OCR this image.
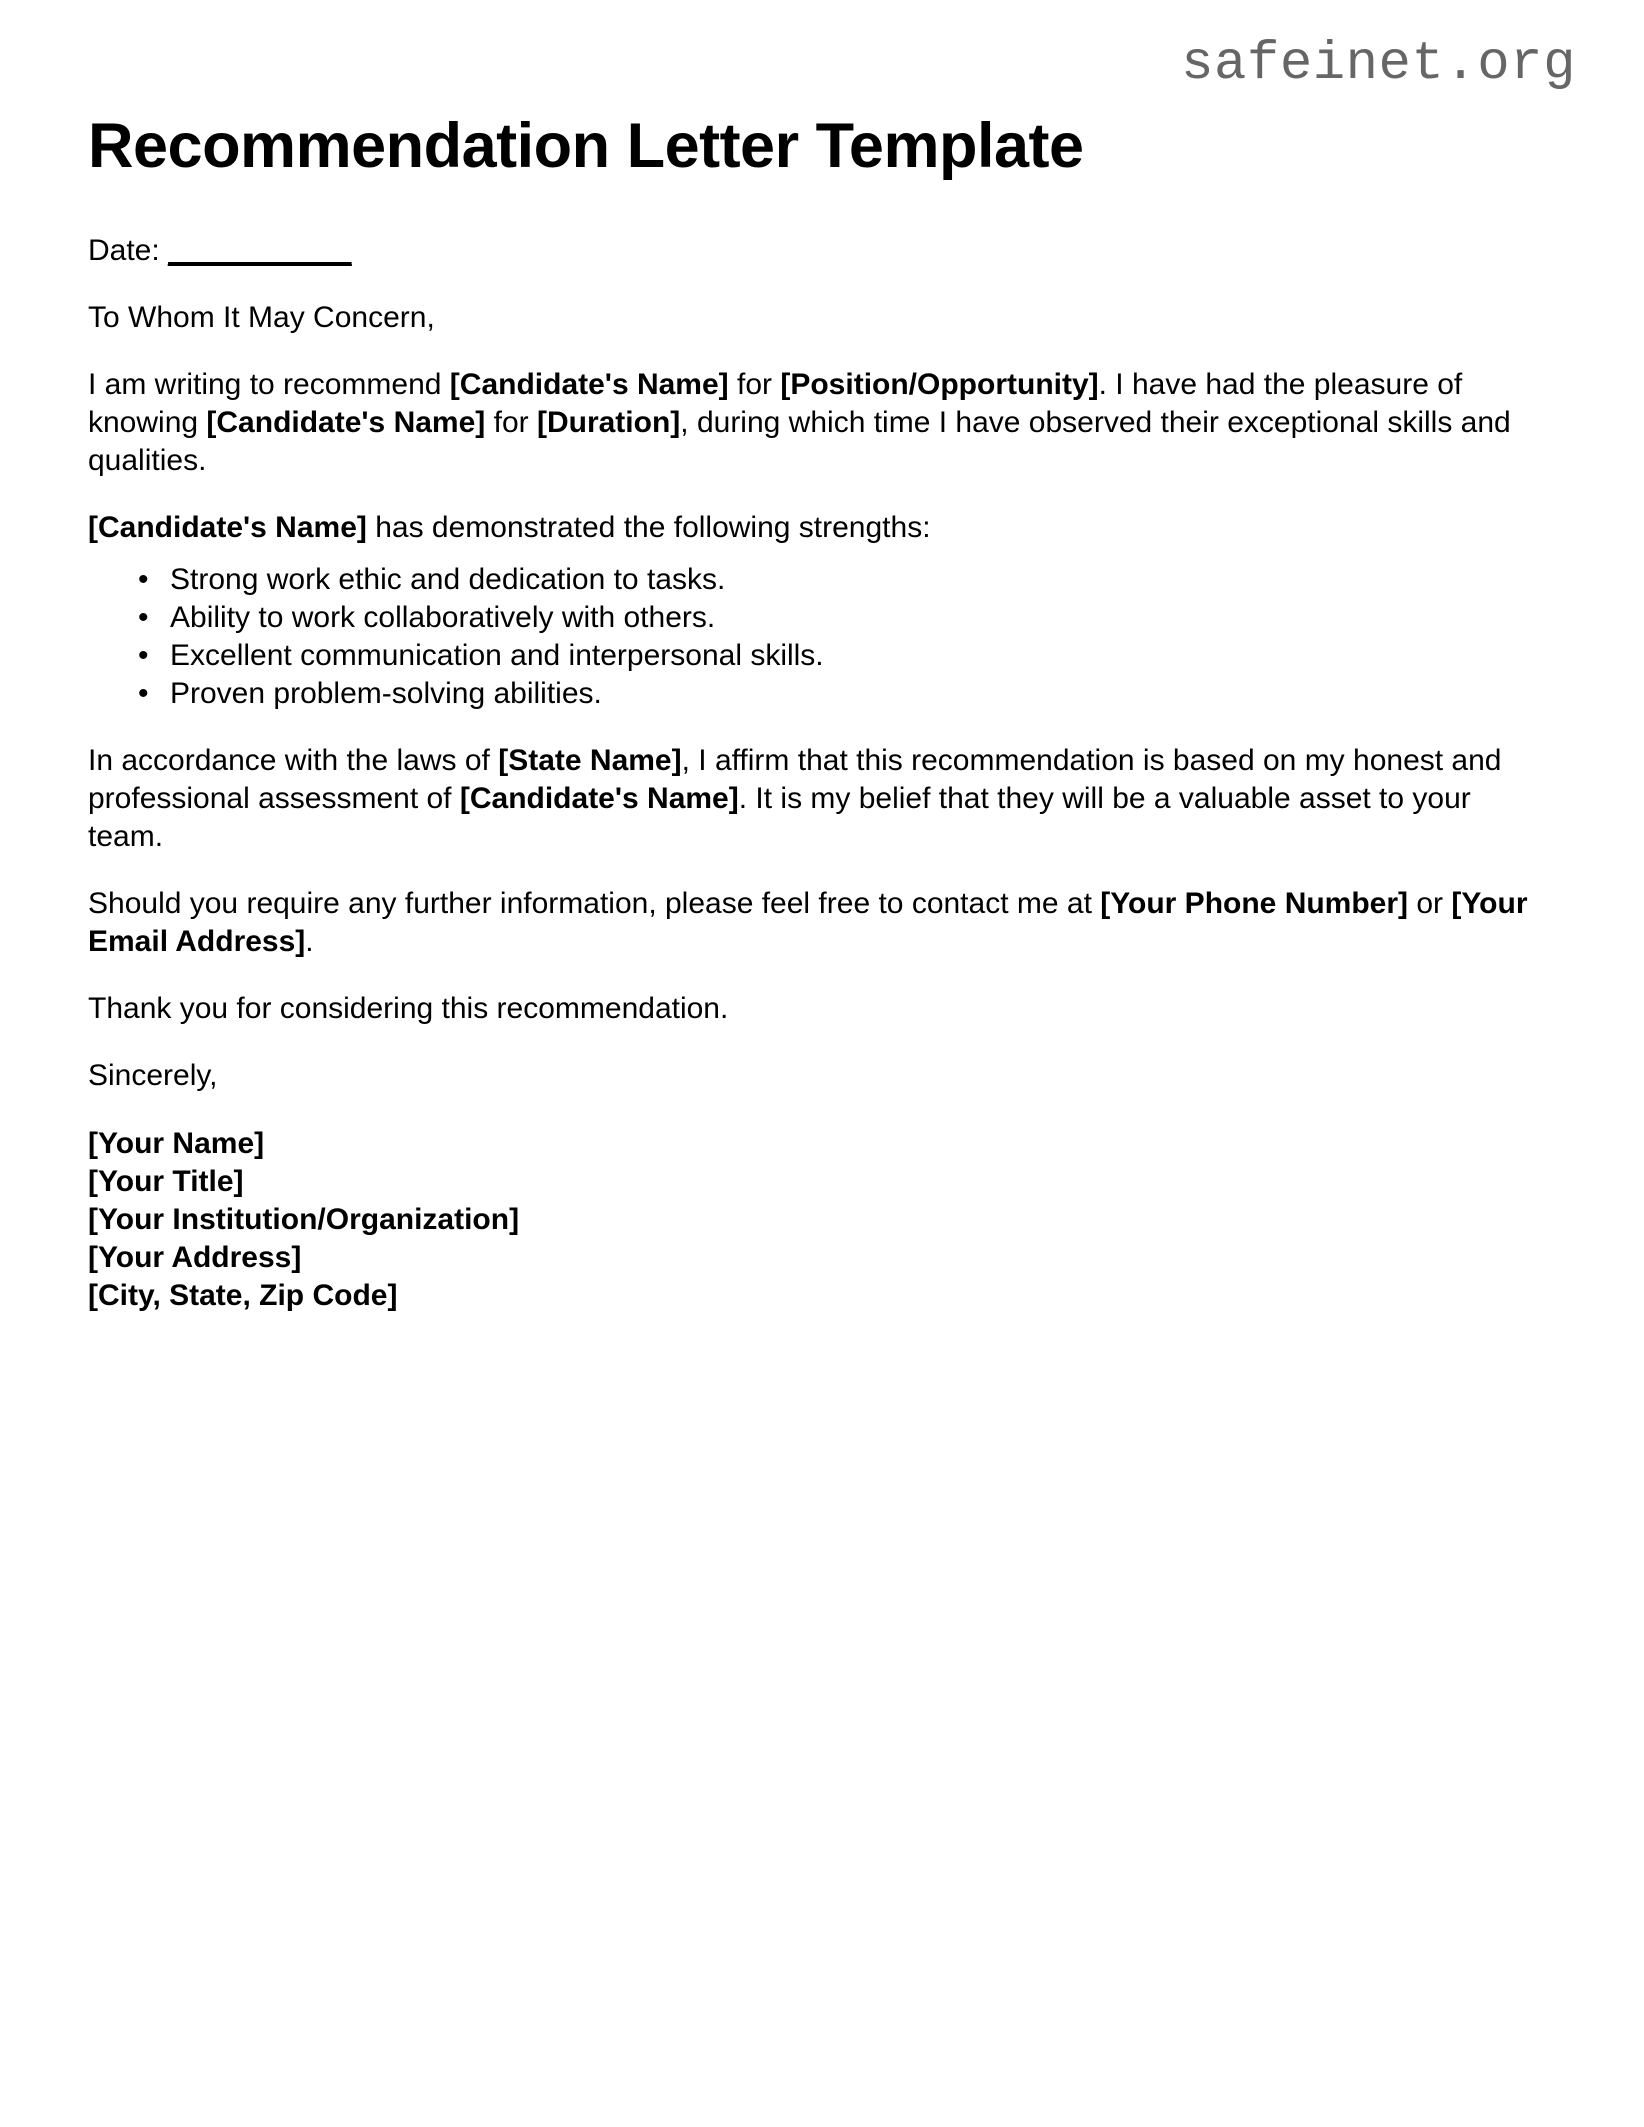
safeinet.org
Recommendation Letter Template

Date: ___________

To Whom It May Concern,

I am writing to recommend [Candidate's Name] for [Position/Opportunity]. I have had the pleasure of knowing [Candidate's Name] for [Duration], during which time I have observed their exceptional skills and qualities.

[Candidate's Name] has demonstrated the following strengths:

• Strong work ethic and dedication to tasks.
• Ability to work collaboratively with others.
• Excellent communication and interpersonal skills.
• Proven problem-solving abilities.

In accordance with the laws of [State Name], I affirm that this recommendation is based on my honest and professional assessment of [Candidate's Name]. It is my belief that they will be a valuable asset to your team.

Should you require any further information, please feel free to contact me at [Your Phone Number] or [Your Email Address].

Thank you for considering this recommendation.

Sincerely,

[Your Name]
[Your Title]
[Your Institution/Organization]
[Your Address]
[City, State, Zip Code]
